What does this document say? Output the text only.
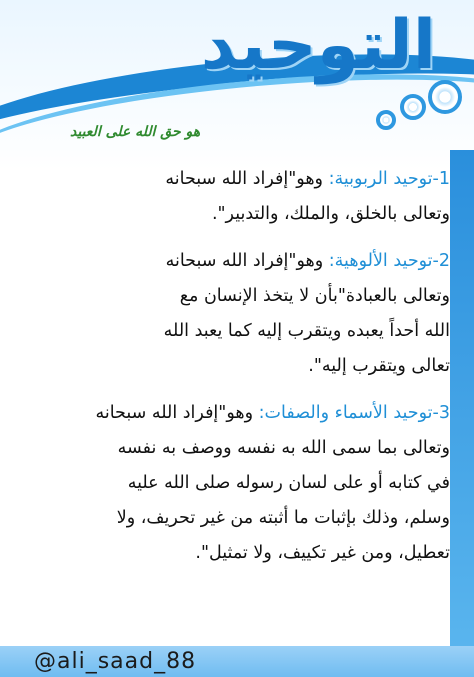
التوحيد
هو حق الله على العبيد

1-توحيد الربوبية: وهو"إفراد الله سبحانه

وتعالى بالخلق، والملك، والتدبير".

2-توحيد الألوهية: وهو"إفراد الله سبحانه

وتعالى بالعبادة"بأن لا يتخذ الإنسان مع

الله أحداً يعبده ويتقرب إليه كما يعبد الله

تعالى ويتقرب إليه".

3-توحيد الأسماء والصفات: وهو"إفراد الله سبحانه

وتعالى بما سمى الله به نفسه ووصف به نفسه

في كتابه أو على لسان رسوله صلى الله عليه

وسلم، وذلك بإثبات ما أثبته من غير تحريف، ولا

تعطيل، ومن غير تكييف، ولا تمثيل".

@ali_saad_88
